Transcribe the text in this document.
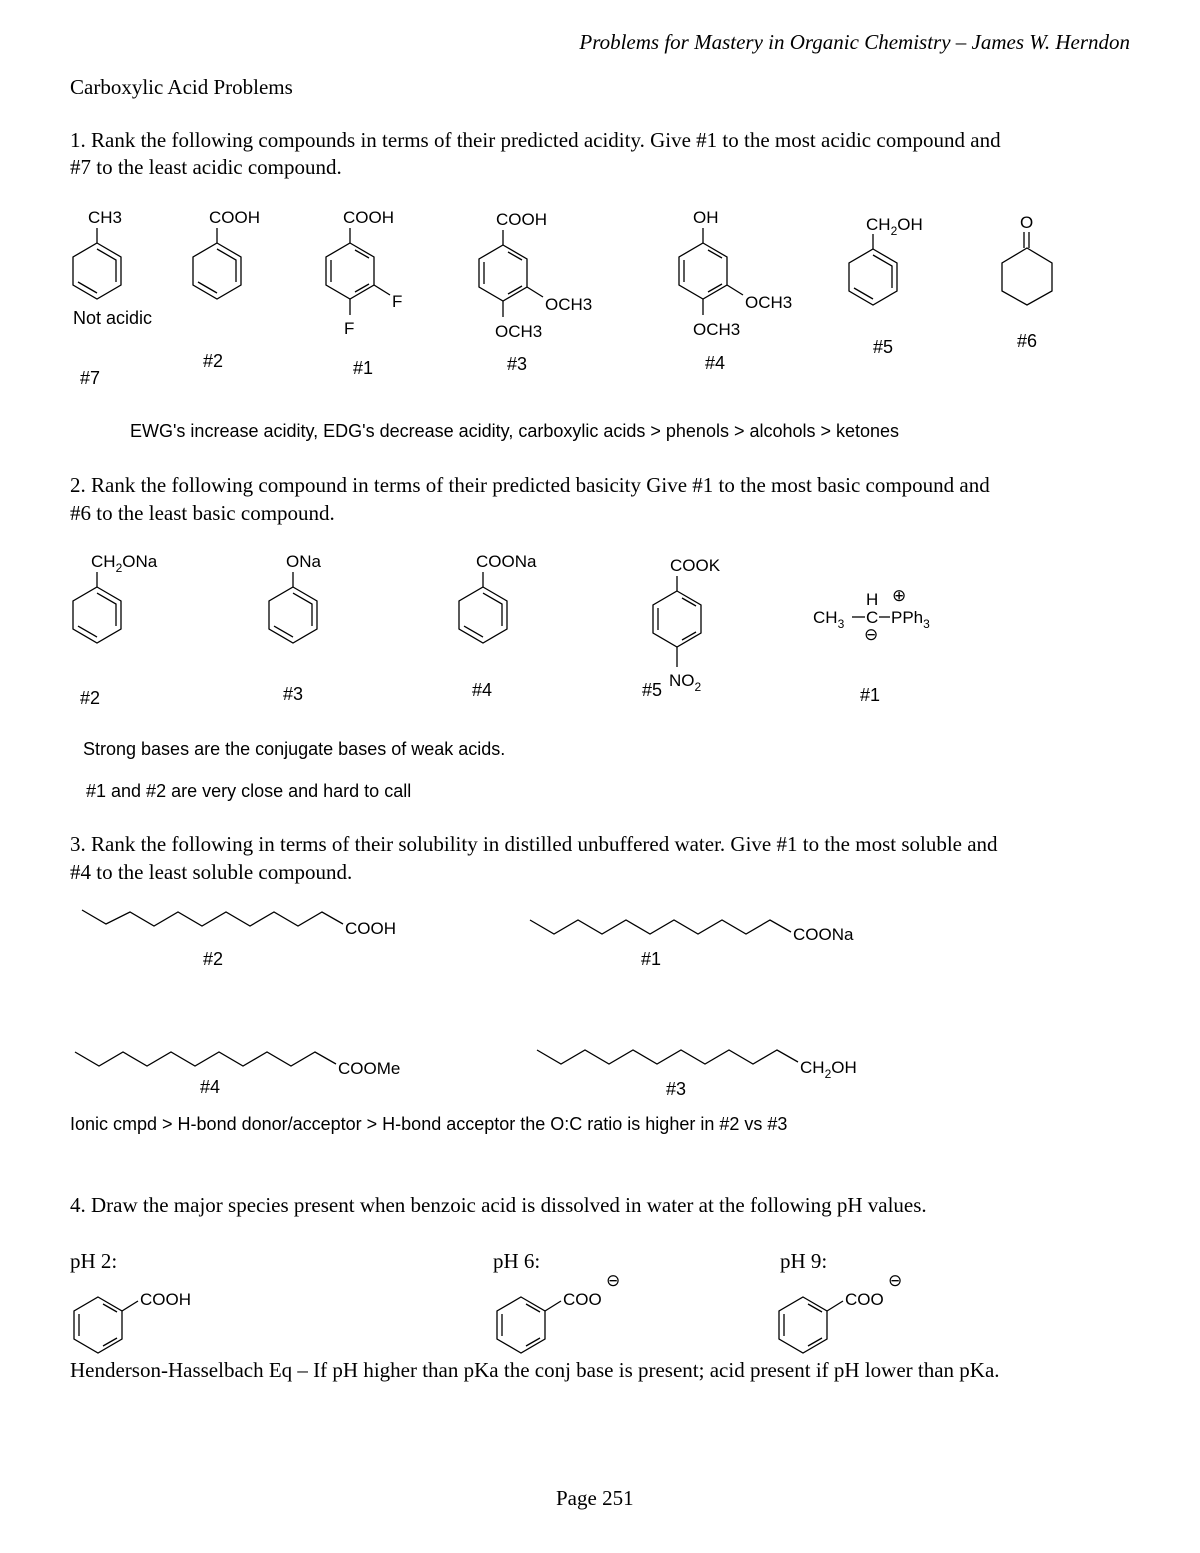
Problems for Mastery in Organic Chemistry – James W. Herndon
Carboxylic Acid Problems
1. Rank the following compounds in terms of their predicted acidity. Give #1 to the most acidic compound and
#7 to the least acidic compound.
CH3	COOH	COOH
F
F
COOH
OCH3
OCH3
OH
OCH3
OCH3
$CH_2OH$	O
Not acidic
#7
#2	#1	#3	#4
#5	#6
EWG's increase acidity, EDG's decrease acidity, carboxylic acids > phenols > alcohols > ketones
2. Rank the following compound in terms of their predicted basicity Give #1 to the most basic compound and
#6 to the least basic compound.
$CH_2ONa$	ONa	COONa	COOK
$NO_2$
$CH_3$ C PPh$_3$
H ⊕
⊖
#2	#3	#4	#5	#1
Strong bases are the conjugate bases of weak acids.
#1 and #2 are very close and hard to call
3. Rank the following in terms of their solubility in distilled unbuffered water. Give #1 to the most soluble and
#4 to the least soluble compound.
COOH	COONa
COOMe	$CH_2OH$
#2	#1
#4	#3
Ionic cmpd > H-bond donor/acceptor > H-bond acceptor the O:C ratio is higher in #2 vs #3
4. Draw the major species present when benzoic acid is dissolved in water at the following pH values.
pH 2:	pH 6:	pH 9:
COOH	COO
⊖
COO
⊖
Henderson-Hasselbach Eq – If pH higher than pKa the conj base is present; acid present if pH lower than pKa.
Page 251
